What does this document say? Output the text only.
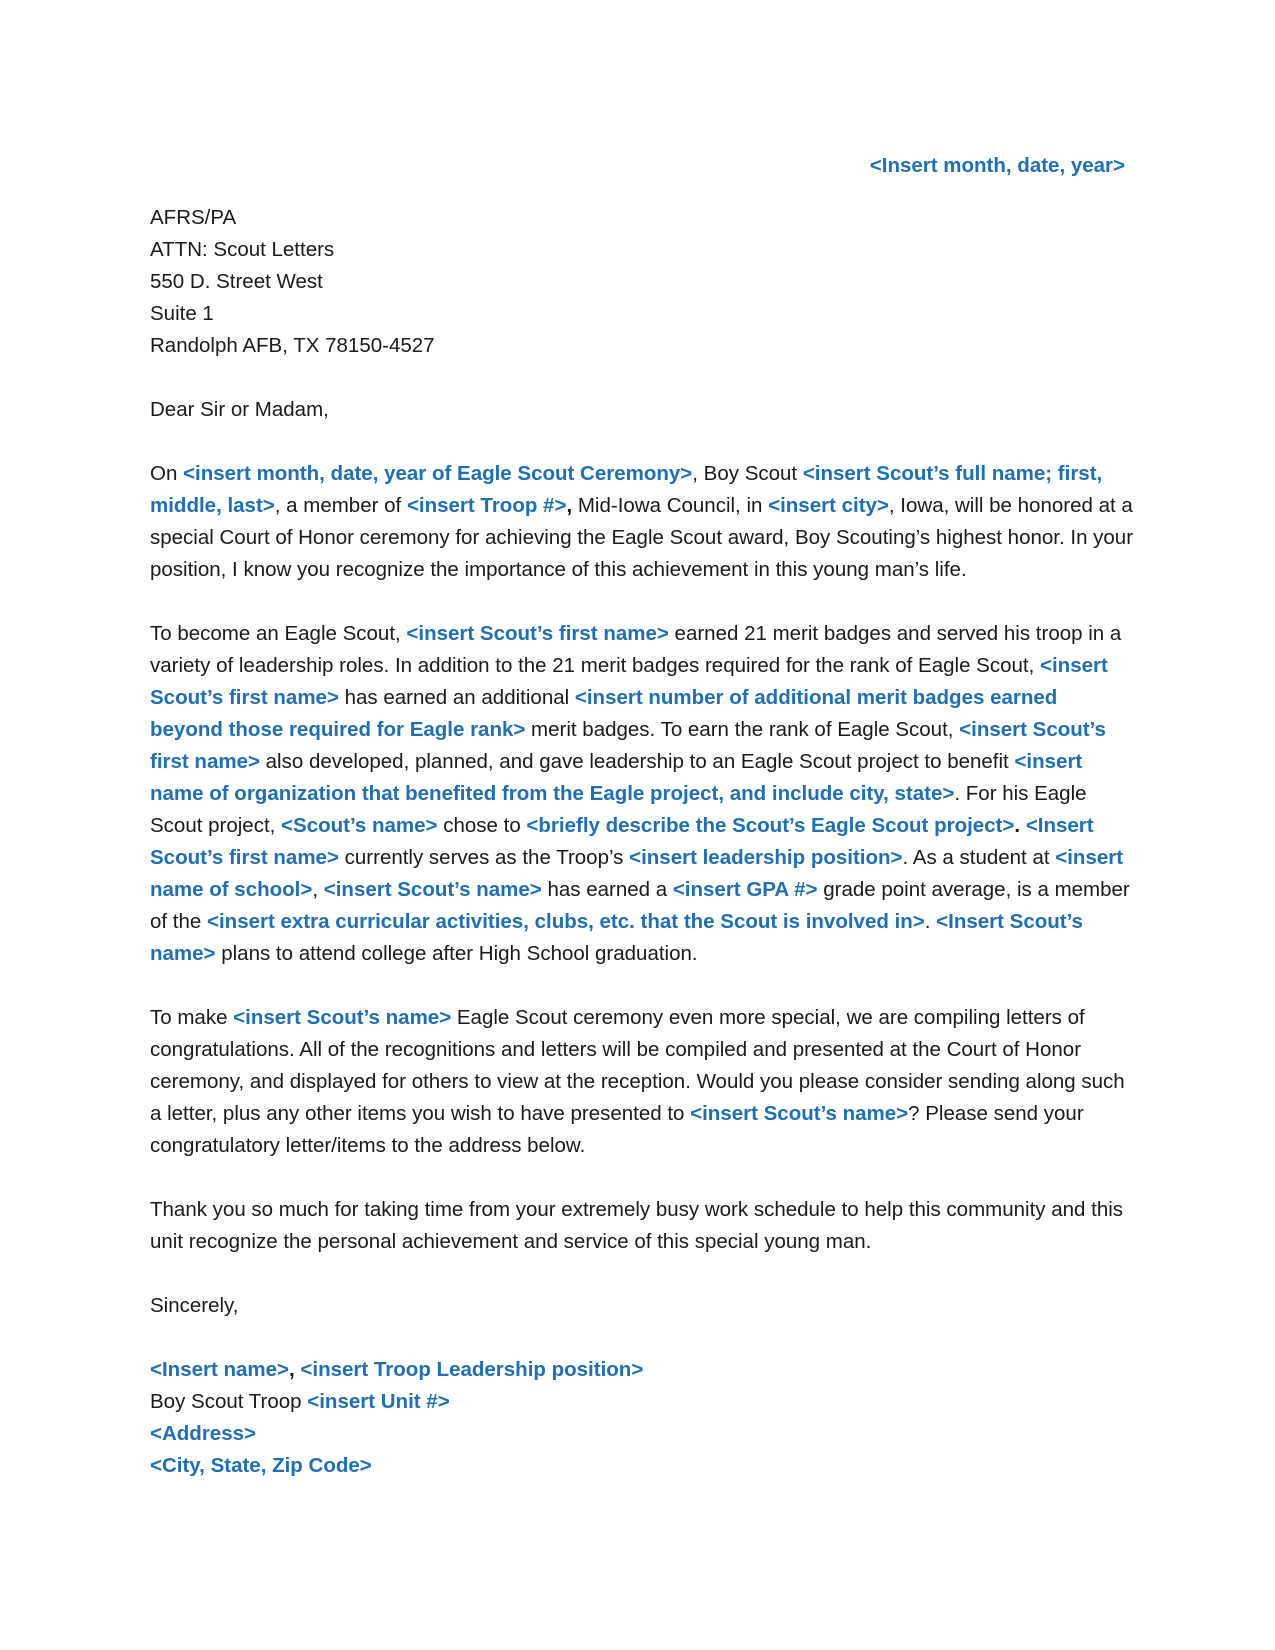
<Insert month, date, year>
AFRS/PA
ATTN: Scout Letters
550 D. Street West
Suite 1
Randolph AFB, TX 78150-4527

Dear Sir or Madam,

On <insert month, date, year of Eagle Scout Ceremony>, Boy Scout <insert Scout’s full name; first, middle, last>, a member of <insert Troop #>, Mid-Iowa Council, in <insert city>, Iowa, will be honored at a special Court of Honor ceremony for achieving the Eagle Scout award, Boy Scouting’s highest honor. In your position, I know you recognize the importance of this achievement in this young man’s life.

To become an Eagle Scout, <insert Scout’s first name> earned 21 merit badges and served his troop in a variety of leadership roles. In addition to the 21 merit badges required for the rank of Eagle Scout, <insert Scout’s first name> has earned an additional <insert number of additional merit badges earned beyond those required for Eagle rank> merit badges. To earn the rank of Eagle Scout, <insert Scout’s first name> also developed, planned, and gave leadership to an Eagle Scout project to benefit <insert name of organization that benefited from the Eagle project, and include city, state>. For his Eagle Scout project, <Scout’s name> chose to <briefly describe the Scout’s Eagle Scout project>. <Insert Scout’s first name> currently serves as the Troop’s <insert leadership position>. As a student at <insert name of school>, <insert Scout’s name> has earned a <insert GPA #> grade point average, is a member of the <insert extra curricular activities, clubs, etc. that the Scout is involved in>. <Insert Scout’s name> plans to attend college after High School graduation.

To make <insert Scout’s name> Eagle Scout ceremony even more special, we are compiling letters of congratulations. All of the recognitions and letters will be compiled and presented at the Court of Honor ceremony, and displayed for others to view at the reception. Would you please consider sending along such a letter, plus any other items you wish to have presented to <insert Scout’s name>? Please send your congratulatory letter/items to the address below.

Thank you so much for taking time from your extremely busy work schedule to help this community and this unit recognize the personal achievement and service of this special young man.

Sincerely,

<Insert name>, <insert Troop Leadership position>
Boy Scout Troop <insert Unit #>
<Address>
<City, State, Zip Code>
